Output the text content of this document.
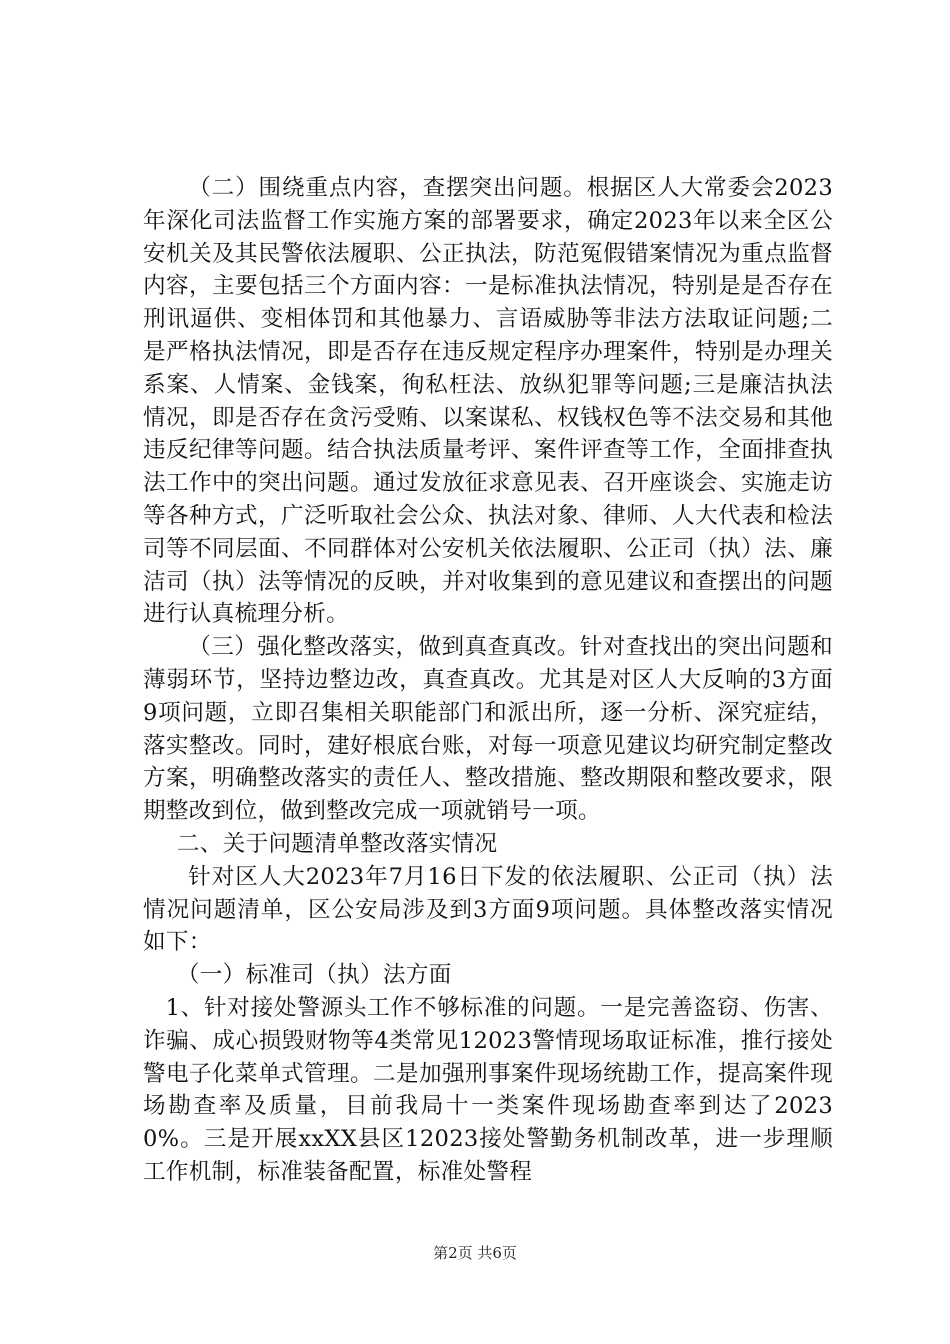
（二）围绕重点内容，查摆突出问题。根据区人大常委会2023年深化司法监督工作实施方案的部署要求，确定2023年以来全区公安机关及其民警依法履职、公正执法，防范冤假错案情况为重点监督内容，主要包括三个方面内容：一是标准执法情况，特别是是否存在刑讯逼供、变相体罚和其他暴力、言语威胁等非法方法取证问题;二是严格执法情况，即是否存在违反规定程序办理案件，特别是办理关系案、人情案、金钱案，徇私枉法、放纵犯罪等问题;三是廉洁执法情况，即是否存在贪污受贿、以案谋私、权钱权色等不法交易和其他违反纪律等问题。结合执法质量考评、案件评查等工作，全面排查执法工作中的突出问题。通过发放征求意见表、召开座谈会、实施走访等各种方式，广泛听取社会公众、执法对象、律师、人大代表和检法司等不同层面、不同群体对公安机关依法履职、公正司（执）法、廉洁司（执）法等情况的反映，并对收集到的意见建议和查摆出的问题进行认真梳理分析。

（三）强化整改落实，做到真查真改。针对查找出的突出问题和薄弱环节，坚持边整边改，真查真改。尤其是对区人大反响的3方面9项问题，立即召集相关职能部门和派出所，逐一分析、深究症结，落实整改。同时，建好根底台账，对每一项意见建议均研究制定整改方案，明确整改落实的责任人、整改措施、整改期限和整改要求，限期整改到位，做到整改完成一项就销号一项。

二、关于问题清单整改落实情况

针对区人大2023年7月16日下发的依法履职、公正司（执）法情况问题清单，区公安局涉及到3方面9项问题。具体整改落实情况如下：

（一）标准司（执）法方面

1、针对接处警源头工作不够标准的问题。一是完善盗窃、伤害、诈骗、成心损毁财物等4类常见12023警情现场取证标准，推行接处警电子化菜单式管理。二是加强刑事案件现场统勘工作，提高案件现场勘查率及质量，目前我局十一类案件现场勘查率到达了20230%。三是开展xxXX县区12023接处警勤务机制改革，进一步理顺工作机制，标准装备配置，标准处警程

第2页 共6页
